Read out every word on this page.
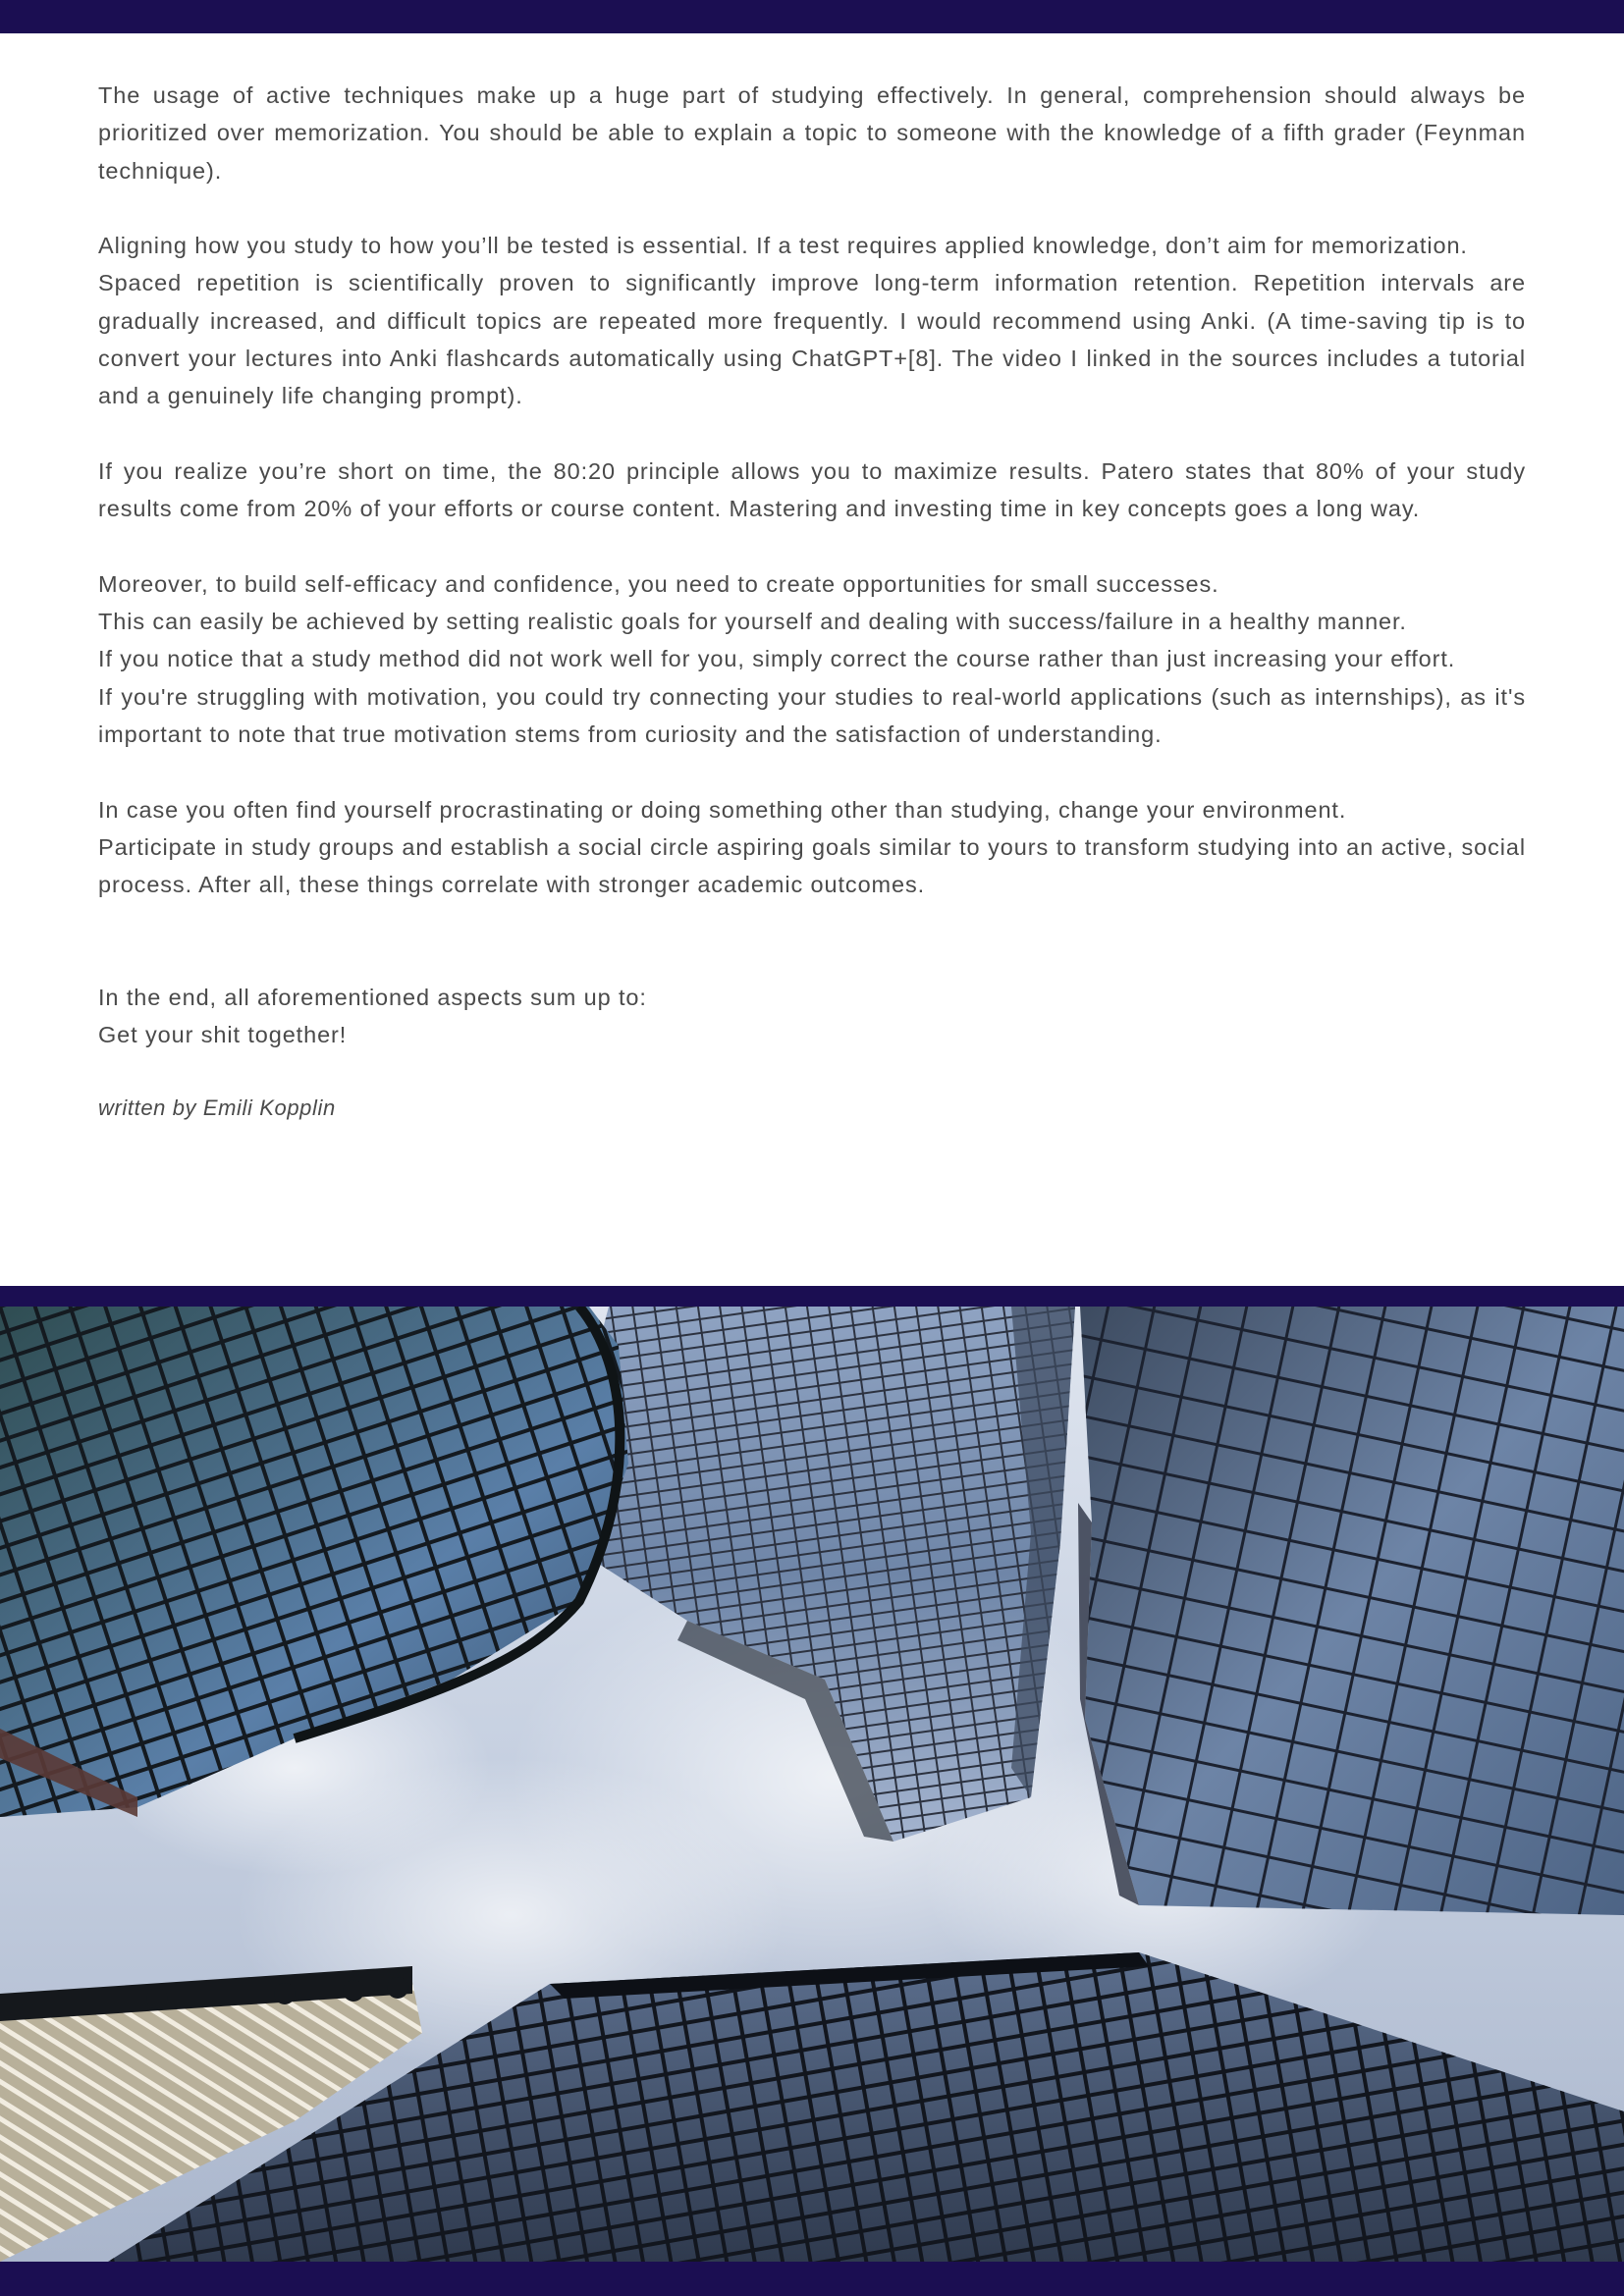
The usage of active techniques make up a huge part of studying effectively. In general, comprehension should always be prioritized over memorization. You should be able to explain a topic to someone with the knowledge of a fifth grader (Feynman technique).

Aligning how you study to how you’ll be tested is essential. If a test requires applied knowledge, don’t aim for memorization.

Spaced repetition is scientifically proven to significantly improve long-term information retention. Repetition intervals are gradually increased, and difficult topics are repeated more frequently. I would recommend using Anki. (A time-saving tip is to convert your lectures into Anki flashcards automatically using ChatGPT+[8]. The video I linked in the sources includes a tutorial and a genuinely life changing prompt).

If you realize you’re short on time, the 80:20 principle allows you to maximize results. Patero states that 80% of your study results come from 20% of your efforts or course content. Mastering and investing time in key concepts goes a long way.

Moreover, to build self-efficacy and confidence, you need to create opportunities for small successes.

This can easily be achieved by setting realistic goals for yourself and dealing with success/failure in a healthy manner.

If you notice that a study method did not work well for you, simply correct the course rather than just increasing your effort.

If you're struggling with motivation, you could try connecting your studies to real-world applications (such as internships), as it's important to note that true motivation stems from curiosity and the satisfaction of understanding.

In case you often find yourself procrastinating or doing something other than studying, change your environment.

Participate in study groups and establish a social circle aspiring goals similar to yours to transform studying into an active, social process. After all, these things correlate with stronger academic outcomes.

In the end, all aforementioned aspects sum up to:

Get your shit together!

written by Emili Kopplin
